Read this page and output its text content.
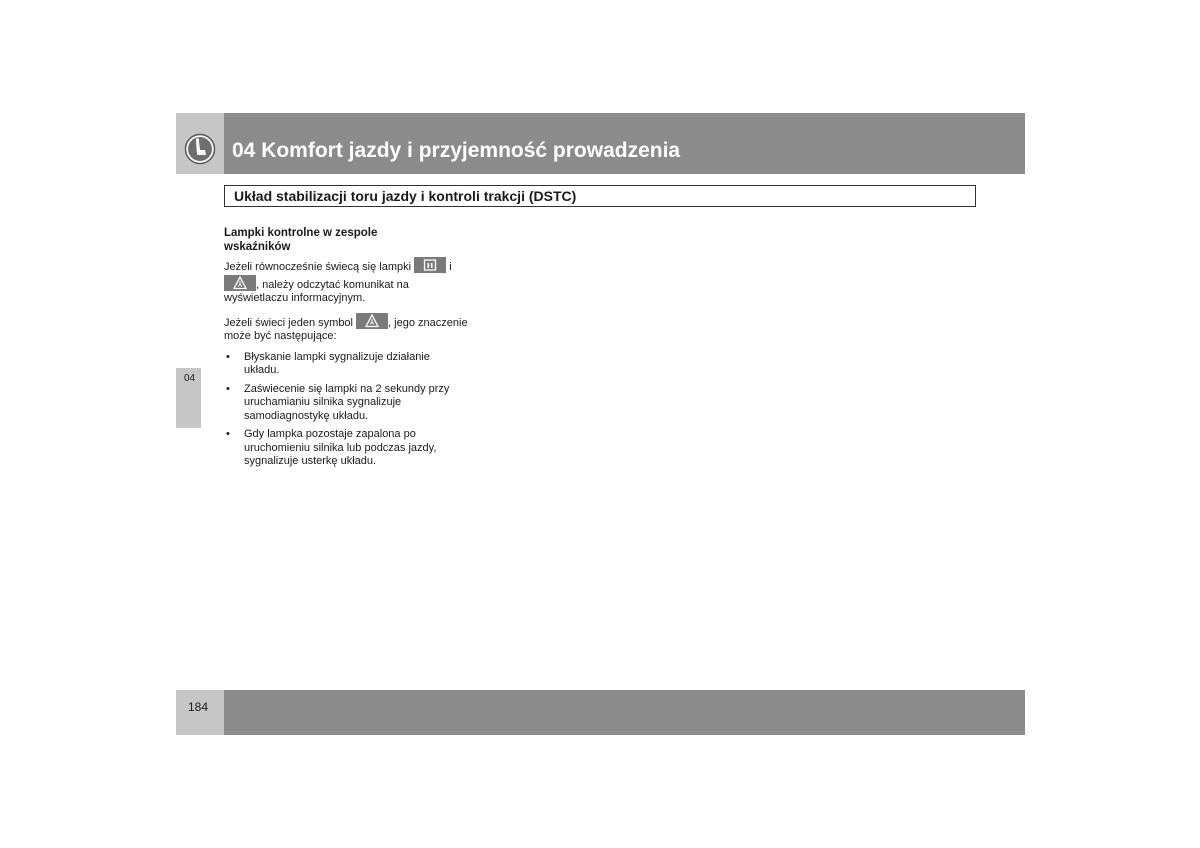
04 Komfort jazdy i przyjemność prowadzenia
Układ stabilizacji toru jazdy i kontroli trakcji (DSTC)
04
Lampki kontrolne w zespole wskaźników
Jeżeli równocześnie świecą się lampki	i

, należy odczytać komunikat na wyświetlaczu informacyjnym.
Jeżeli świeci jeden symbol	, jego znaczenie może być następujące:
• Błyskanie lampki sygnalizuje działanie układu.
• Zaświecenie się lampki na 2 sekundy przy uruchamianiu silnika sygnalizuje samodiagnostykę układu.
• Gdy lampka pozostaje zapalona po uruchomieniu silnika lub podczas jazdy, sygnalizuje usterkę układu.
184
